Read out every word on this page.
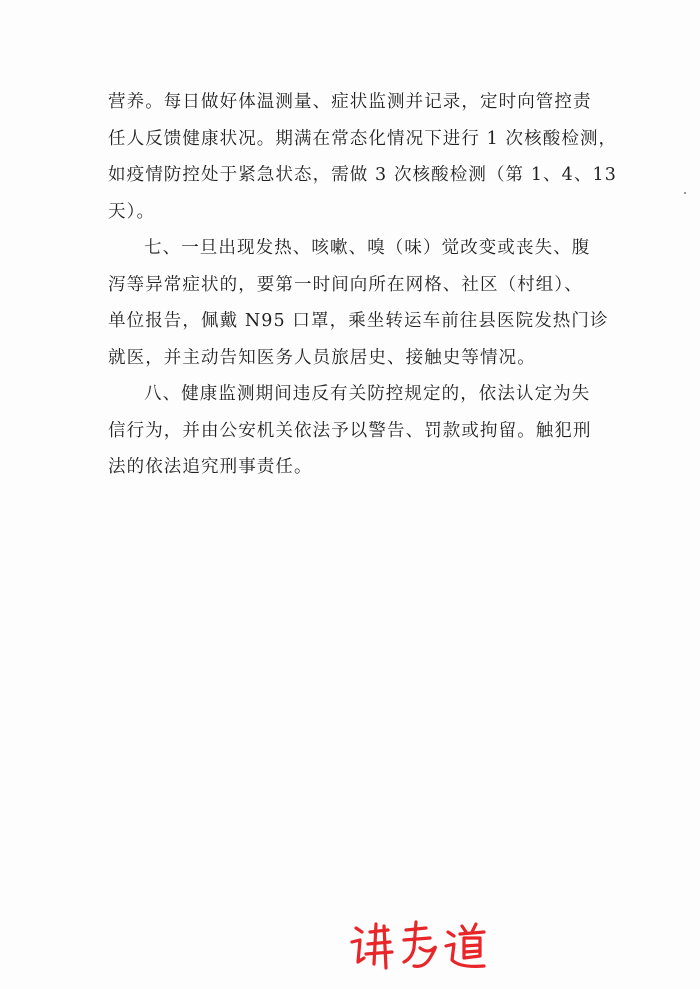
营养。每日做好体温测量、症状监测并记录，定时向管控责
任人反馈健康状况。期满在常态化情况下进行 1 次核酸检测，
如疫情防控处于紧急状态，需做 3 次核酸检测（第 1、4、13
天）。
七、一旦出现发热、咳嗽、嗅（味）觉改变或丧失、腹
泻等异常症状的，要第一时间向所在网格、社区（村组）、
单位报告，佩戴 N95 口罩，乘坐转运车前往县医院发热门诊
就医，并主动告知医务人员旅居史、接触史等情况。
八、健康监测期间违反有关防控规定的，依法认定为失
信行为，并由公安机关依法予以警告、罚款或拘留。触犯刑
法的依法追究刑事责任。
